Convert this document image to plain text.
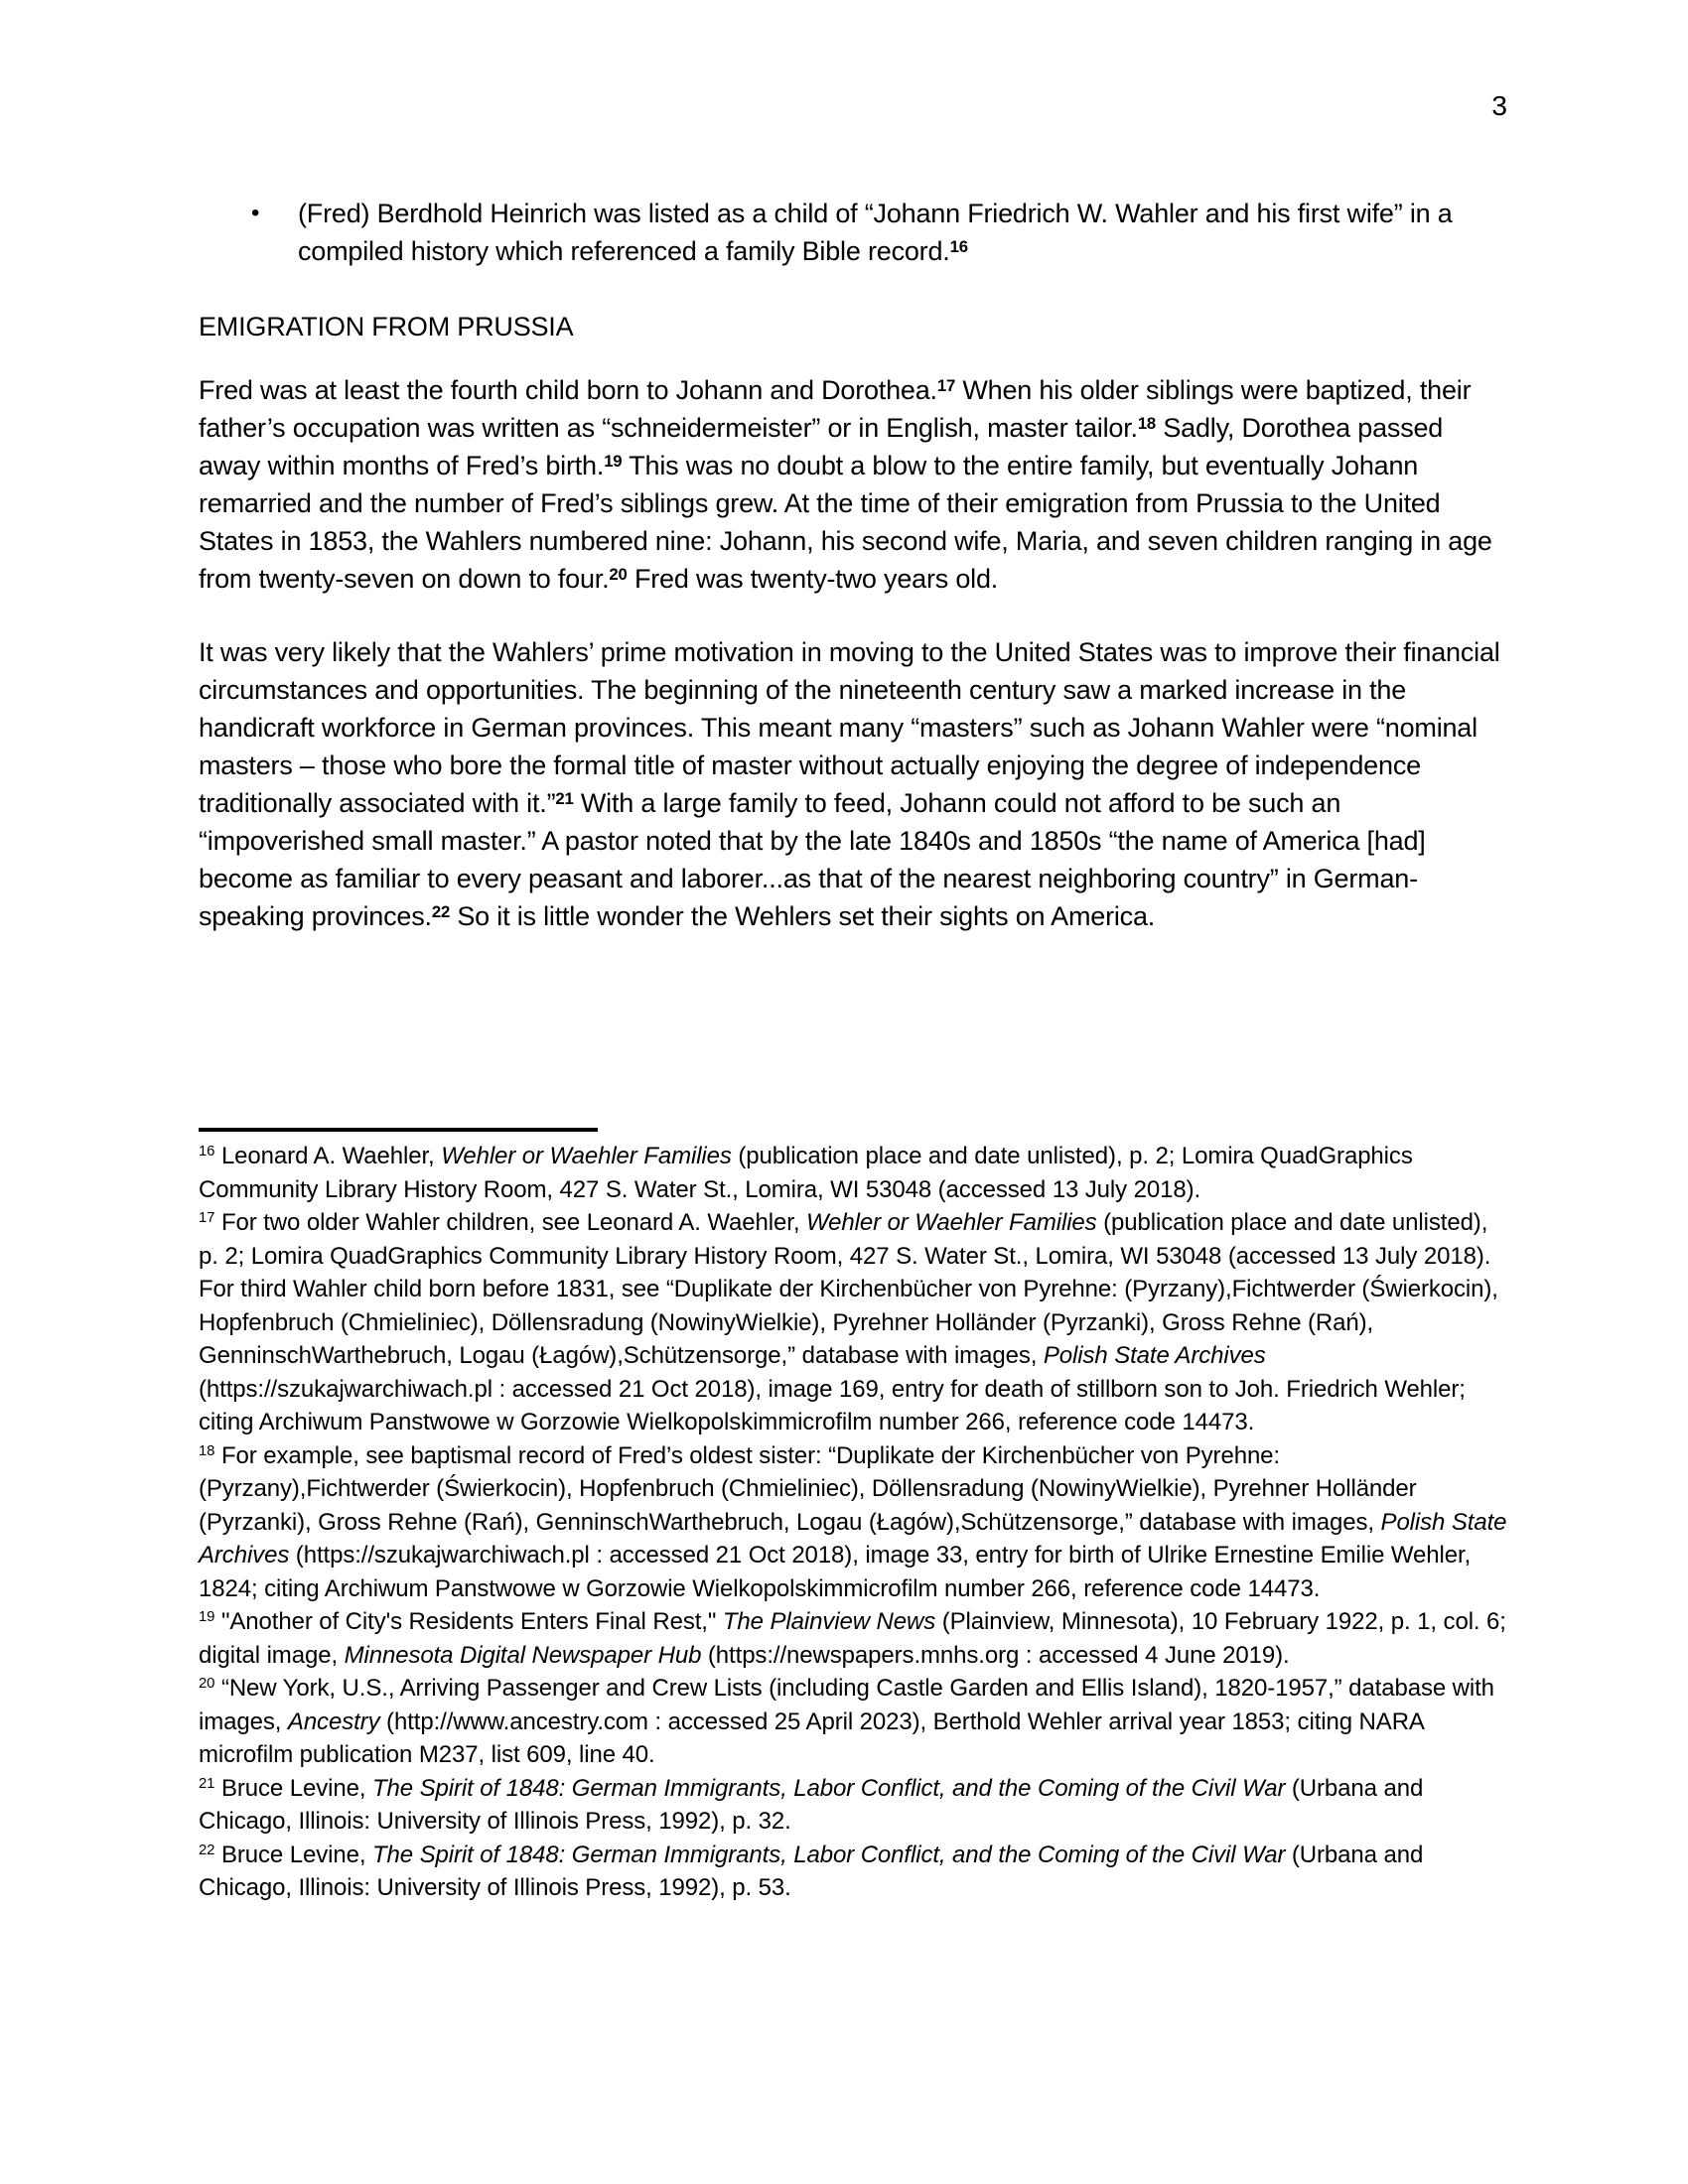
3
•	(Fred) Berdhold Heinrich was listed as a child of “Johann Friedrich W. Wahler and his first wife” in a compiled history which referenced a family Bible record.$^{16}$
EMIGRATION FROM PRUSSIA
Fred was at least the fourth child born to Johann and Dorothea.$^{17}$ When his older siblings were baptized, their father’s occupation was written as “schneidermeister” or in English, master tailor.$^{18}$ Sadly, Dorothea passed away within months of Fred’s birth.$^{19}$ This was no doubt a blow to the entire family, but eventually Johann remarried and the number of Fred’s siblings grew. At the time of their emigration from Prussia to the United States in 1853, the Wahlers numbered nine: Johann, his second wife, Maria, and seven children ranging in age from twenty-seven on down to four.$^{20}$ Fred was twenty-two years old.
It was very likely that the Wahlers’ prime motivation in moving to the United States was to improve their financial circumstances and opportunities. The beginning of the nineteenth century saw a marked increase in the handicraft workforce in German provinces. This meant many “masters” such as Johann Wahler were “nominal masters – those who bore the formal title of master without actually enjoying the degree of independence traditionally associated with it.”$^{21}$ With a large family to feed, Johann could not afford to be such an “impoverished small master.” A pastor noted that by the late 1840s and 1850s “the name of America [had] become as familiar to every peasant and laborer...as that of the nearest neighboring country” in German-speaking provinces.$^{22}$ So it is little wonder the Wehlers set their sights on America.
$^{16}$ Leonard A. Waehler, Wehler or Waehler Families (publication place and date unlisted), p. 2; Lomira QuadGraphics Community Library History Room, 427 S. Water St., Lomira, WI 53048 (accessed 13 July 2018).
$^{17}$ For two older Wahler children, see Leonard A. Waehler, Wehler or Waehler Families (publication place and date unlisted), p. 2; Lomira QuadGraphics Community Library History Room, 427 S. Water St., Lomira, WI 53048 (accessed 13 July 2018). For third Wahler child born before 1831, see “Duplikate der Kirchenbücher von Pyrehne: (Pyrzany),Fichtwerder (Świerkocin), Hopfenbruch (Chmieliniec), Döllensradung (NowinyWielkie), Pyrehner Holländer (Pyrzanki), Gross Rehne (Rań), GenninschWarthebruch, Logau (Łagów),Schützensorge,” database with images, Polish State Archives (https://szukajwarchiwach.pl : accessed 21 Oct 2018), image 169, entry for death of stillborn son to Joh. Friedrich Wehler; citing Archiwum Panstwowe w Gorzowie Wielkopolskimmicrofilm number 266, reference code 14473.
$^{18}$ For example, see baptismal record of Fred’s oldest sister: “Duplikate der Kirchenbücher von Pyrehne: (Pyrzany),Fichtwerder (Świerkocin), Hopfenbruch (Chmieliniec), Döllensradung (NowinyWielkie), Pyrehner Holländer (Pyrzanki), Gross Rehne (Rań), GenninschWarthebruch, Logau (Łagów),Schützensorge,” database with images, Polish State Archives (https://szukajwarchiwach.pl : accessed 21 Oct 2018), image 33, entry for birth of Ulrike Ernestine Emilie Wehler, 1824; citing Archiwum Panstwowe w Gorzowie Wielkopolskimmicrofilm number 266, reference code 14473.
$^{19}$ "Another of City's Residents Enters Final Rest," The Plainview News (Plainview, Minnesota), 10 February 1922, p. 1, col. 6; digital image, Minnesota Digital Newspaper Hub (https://newspapers.mnhs.org : accessed 4 June 2019).
$^{20}$ “New York, U.S., Arriving Passenger and Crew Lists (including Castle Garden and Ellis Island), 1820-1957,” database with images, Ancestry (http://www.ancestry.com : accessed 25 April 2023), Berthold Wehler arrival year 1853; citing NARA microfilm publication M237, list 609, line 40.
$^{21}$ Bruce Levine, The Spirit of 1848: German Immigrants, Labor Conflict, and the Coming of the Civil War (Urbana and Chicago, Illinois: University of Illinois Press, 1992), p. 32.
$^{22}$ Bruce Levine, The Spirit of 1848: German Immigrants, Labor Conflict, and the Coming of the Civil War (Urbana and Chicago, Illinois: University of Illinois Press, 1992), p. 53.
